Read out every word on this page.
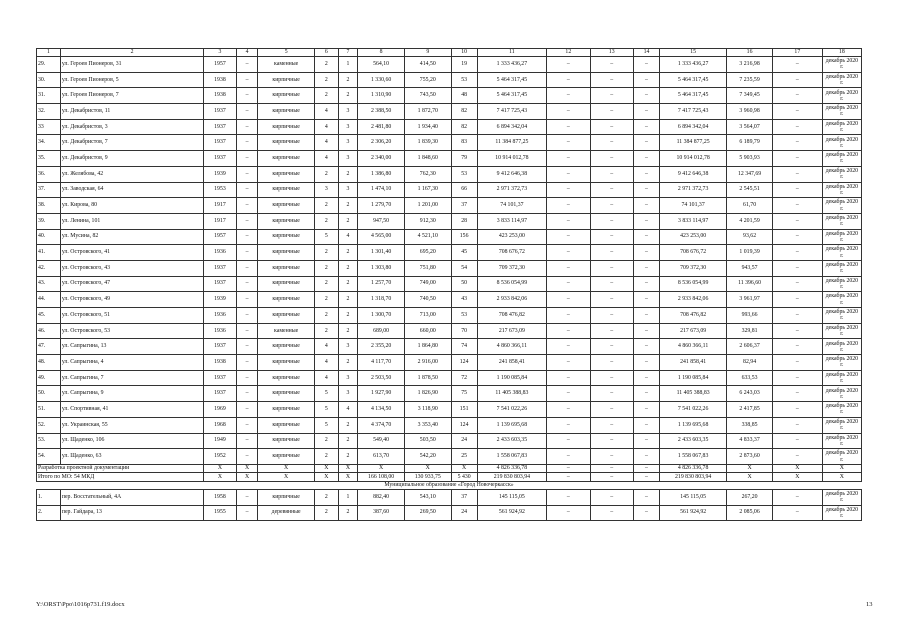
1	2	3	4	5	6	7	8	9	10	11	12	13	14	15	16	17	18
29.	ул. Героев Пионеров, 31	1957	–	каменные	2	1	564,10	414,50	19	1 333 436,27	–	–	–	1 333 436,27	3 216,98	–	декабрь 2020 г.
30.	ул. Героев Пионеров, 5	1938	–	кирпичные	2	2	1 330,60	755,20	53	5 464 317,45	–	–	–	5 464 317,45	7 235,59	–	декабрь 2020 г.
31.	ул. Героев Пионеров, 7	1938	–	кирпичные	2	2	1 310,90	743,50	48	5 464 317,45	–	–	–	5 464 317,45	7 349,45	–	декабрь 2020 г.
32.	ул. Декабристов, 11	1937	–	кирпичные	4	3	2 388,50	1 872,70	82	7 417 725,43	–	–	–	7 417 725,43	3 960,98	–	декабрь 2020 г.
33	ул. Декабристов, 3	1937	–	кирпичные	4	3	2 481,80	1 934,40	82	6 894 342,04	–	–	–	6 894 342,04	3 564,07	–	декабрь 2020 г.
34.	ул. Декабристов, 7	1937	–	кирпичные	4	3	2 306,20	1 839,30	83	11 384 877,25	–	–	–	11 384 877,25	6 189,79	–	декабрь 2020 г.
35.	ул. Декабристов, 9	1937	–	кирпичные	4	3	2 340,00	1 848,60	79	10 914 012,78	–	–	–	10 914 012,78	5 903,93	–	декабрь 2020 г.
36.	ул. Желябова, 42	1939	–	кирпичные	2	2	1 386,80	762,30	53	9 412 646,38	–	–	–	9 412 646,38	12 347,69	–	декабрь 2020 г.
37.	ул. Заводская, 64	1953	–	кирпичные	3	3	1 474,10	1 167,30	66	2 971 372,73	–	–	–	2 971 372,73	2 545,51	–	декабрь 2020 г.
38.	ул. Кирова, 80	1917	–	кирпичные	2	2	1 279,70	1 201,00	37	74 101,37	–	–	–	74 101,37	61,70	–	декабрь 2020 г.
39.	ул. Ленина, 101	1917	–	кирпичные	2	2	947,50	912,30	28	3 833 114,97	–	–	–	3 833 114,97	4 201,59	–	декабрь 2020 г.
40.	ул. Мусина, 82	1957	–	кирпичные	5	4	4 565,00	4 521,10	156	423 253,00	–	–	–	423 253,00	93,62	–	декабрь 2020 г.
41.	ул. Островского, 41	1936	–	кирпичные	2	2	1 301,40	695,20	45	708 676,72	–	–	–	708 676,72	1 019,39	–	декабрь 2020 г.
42.	ул. Островского, 43	1937	–	кирпичные	2	2	1 303,80	751,80	54	709 372,30	–	–	–	709 372,30	943,57	–	декабрь 2020 г.
43.	ул. Островского, 47	1937	–	кирпичные	2	2	1 257,70	749,00	50	8 536 054,99	–	–	–	8 536 054,99	11 396,60	–	декабрь 2020 г.
44.	ул. Островского, 49	1939	–	кирпичные	2	2	1 318,70	740,50	43	2 933 842,06	–	–	–	2 933 842,06	3 961,97	–	декабрь 2020 г.
45.	ул. Островского, 51	1936	–	кирпичные	2	2	1 300,70	713,00	53	708 476,82	–	–	–	708 476,82	993,66	–	декабрь 2020 г.
46.	ул. Островского, 53	1936	–	каменные	2	2	689,00	660,00	70	217 673,09	–	–	–	217 673,09	329,81	–	декабрь 2020 г.
47.	ул. Сапрыгина, 13	1937	–	кирпичные	4	3	2 355,20	1 864,80	74	4 860 366,11	–	–	–	4 860 366,11	2 606,37	–	декабрь 2020 г.
48.	ул. Сапрыгина, 4	1938	–	кирпичные	4	2	4 117,70	2 916,00	124	241 858,41	–	–	–	241 858,41	82,94	–	декабрь 2020 г.
49.	ул. Сапрыгина, 7	1937	–	кирпичные	4	3	2 503,50	1 878,50	72	1 190 085,84	–	–	–	1 190 085,84	633,53	–	декабрь 2020 г.
50.	ул. Сапрыгина, 9	1937	–	кирпичные	5	3	1 927,90	1 826,90	75	11 405 388,83	–	–	–	11 405 388,83	6 243,03	–	декабрь 2020 г.
51.	ул. Спортивная, 41	1969	–	кирпичные	5	4	4 134,50	3 118,90	151	7 541 022,26	–	–	–	7 541 022,26	2 417,85	–	декабрь 2020 г.
52.	ул. Украинская, 55	1968	–	кирпичные	5	2	4 374,70	3 353,40	124	1 139 695,68	–	–	–	1 139 695,68	338,85	–	декабрь 2020 г.
53.	ул. Щаденко, 106	1949	–	кирпичные	2	2	549,40	503,50	24	2 433 603,35	–	–	–	2 433 603,35	4 833,37	–	декабрь 2020 г.
54.	ул. Щаденко, 63	1952	–	кирпичные	2	2	613,70	542,20	25	1 558 067,83	–	–	–	1 558 067,83	2 873,60	–	декабрь 2020 г.
Разработка проектной документации		Х	Х	Х	Х	Х	Х	Х	Х	4 826 336,78	–	–	–	4 826 336,78	Х	Х	Х
Итого по МО: 54 МКД		Х	Х	Х	Х	Х	166 108,00	130 933,75	5 430	219 830 803,94	–	–	–	219 830 803,94	Х	Х	Х
Муниципальное образование «Город Новочеркасск»																	
1.	пер. Восстательный, 4А	1958	–	кирпичные	2	1	882,40	543,10	37	145 115,05	–	–	–	145 115,05	267,20	–	декабрь 2020 г.
2.	пер. Гайдара, 13	1955	–	деревянные	2	2	387,60	269,50	24	561 924,92	–	–	–	561 924,92	2 085,06	–	декабрь 2020 г.
Y:\ORST\Ppo\1016p731.f19.docx	13
